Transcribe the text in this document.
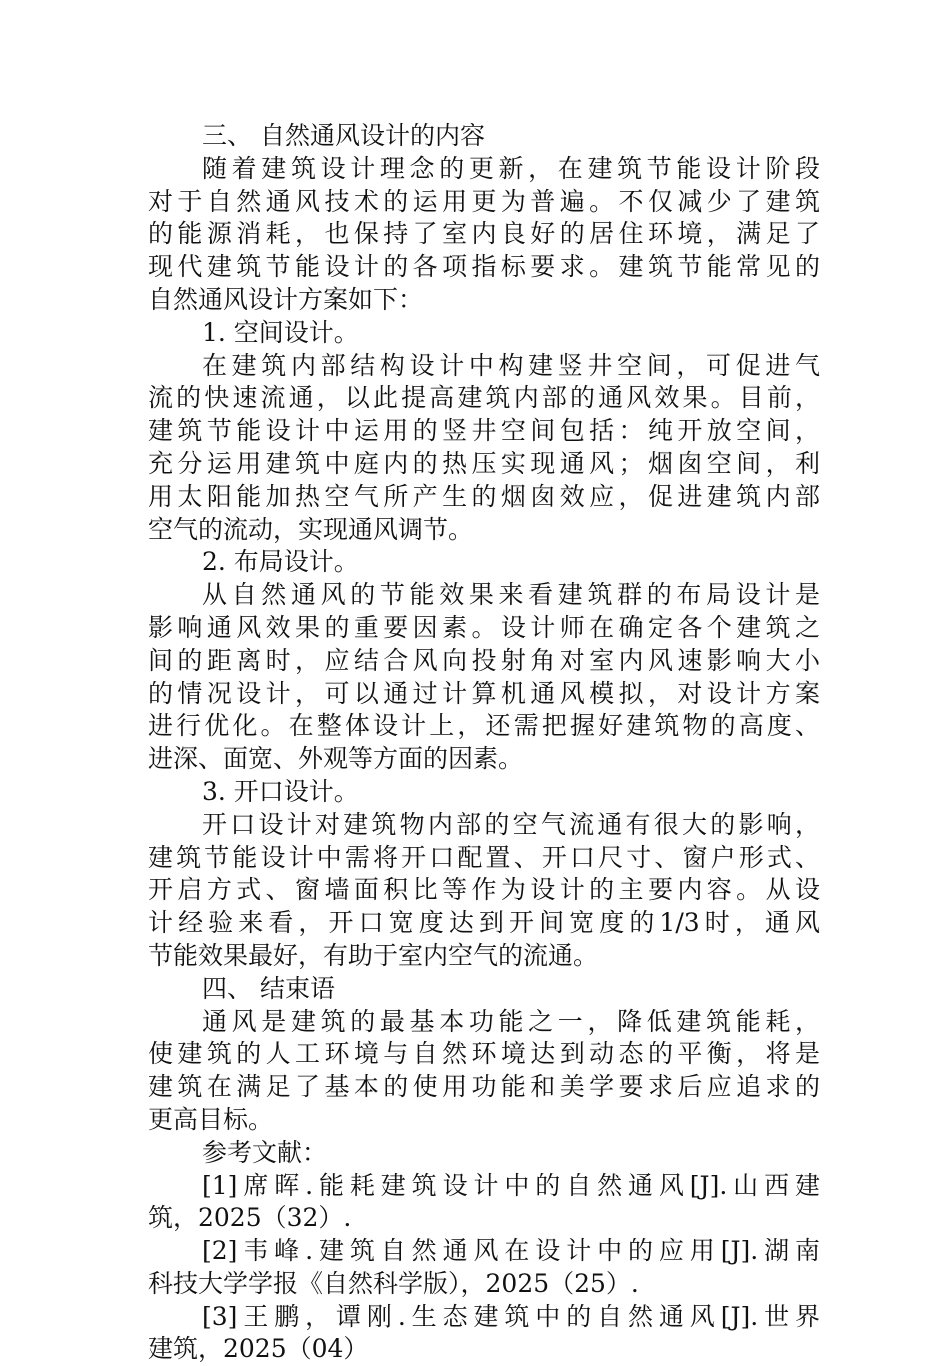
三、 自然通风设计的内容
随着建筑设计理念的更新，在建筑节能设计阶段
对于自然通风技术的运用更为普遍。不仅减少了建筑
的能源消耗，也保持了室内良好的居住环境，满足了
现代建筑节能设计的各项指标要求。建筑节能常见的
自然通风设计方案如下：
1. 空间设计。
在建筑内部结构设计中构建竖井空间，可促进气
流的快速流通，以此提高建筑内部的通风效果。目前，
建筑节能设计中运用的竖井空间包括：纯开放空间，
充分运用建筑中庭内的热压实现通风；烟囱空间，利
用太阳能加热空气所产生的烟囱效应，促进建筑内部
空气的流动，实现通风调节。
2. 布局设计。
从自然通风的节能效果来看建筑群的布局设计是
影响通风效果的重要因素。设计师在确定各个建筑之
间的距离时，应结合风向投射角对室内风速影响大小
的情况设计，可以通过计算机通风模拟，对设计方案
进行优化。在整体设计上，还需把握好建筑物的高度、
进深、面宽、外观等方面的因素。
3. 开口设计。
开口设计对建筑物内部的空气流通有很大的影响，
建筑节能设计中需将开口配置、开口尺寸、窗户形式、
开启方式、窗墙面积比等作为设计的主要内容。从设
计经验来看，开口宽度达到开间宽度的1/3时，通风
节能效果最好，有助于室内空气的流通。
四、 结束语
通风是建筑的最基本功能之一，降低建筑能耗，
使建筑的人工环境与自然环境达到动态的平衡，将是
建筑在满足了基本的使用功能和美学要求后应追求的
更高目标。
参考文献：
[1]席晖.能耗建筑设计中的自然通风[J].山西建
筑，2025（32）.
[2]韦峰.建筑自然通风在设计中的应用[J].湖南
科技大学学报《自然科学版），2025（25）.
[3]王鹏，谭刚.生态建筑中的自然通风[J].世界
建筑，2025（04）
